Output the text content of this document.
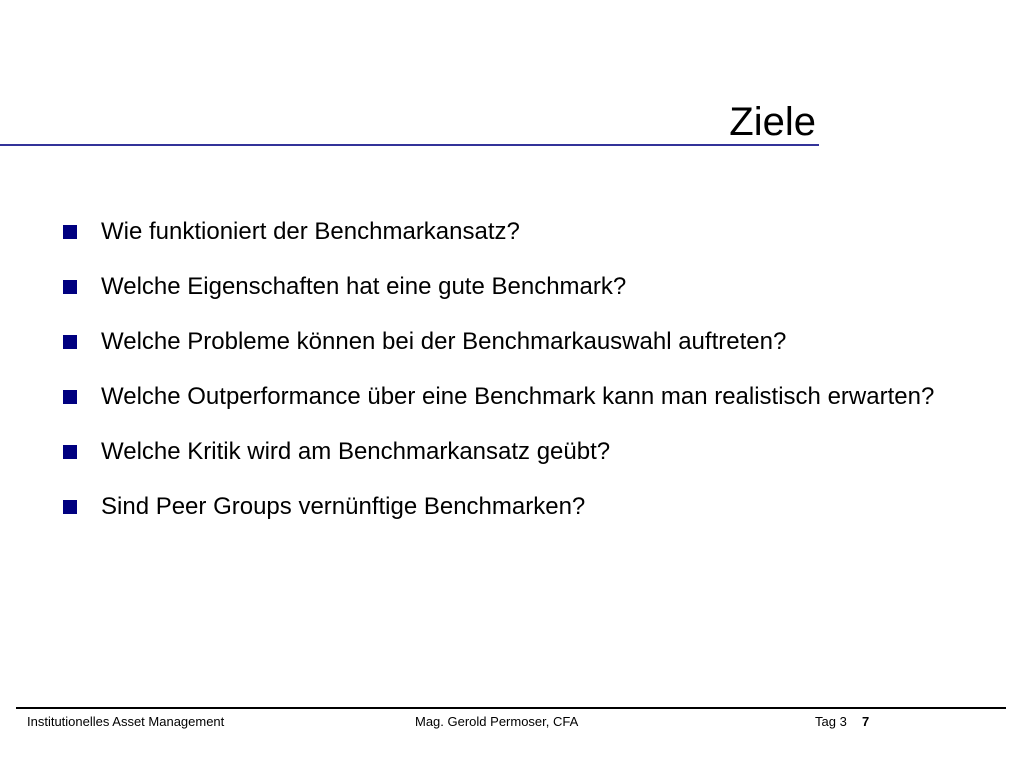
Ziele
Wie funktioniert der Benchmarkansatz?
Welche Eigenschaften hat eine gute Benchmark?
Welche Probleme können bei der Benchmarkauswahl auftreten?
Welche Outperformance über eine Benchmark kann man realistisch erwarten?
Welche Kritik wird am Benchmarkansatz geübt?
Sind Peer Groups vernünftige Benchmarken?
Institutionelles Asset Management	Mag. Gerold Permoser, CFA	Tag 3 7
